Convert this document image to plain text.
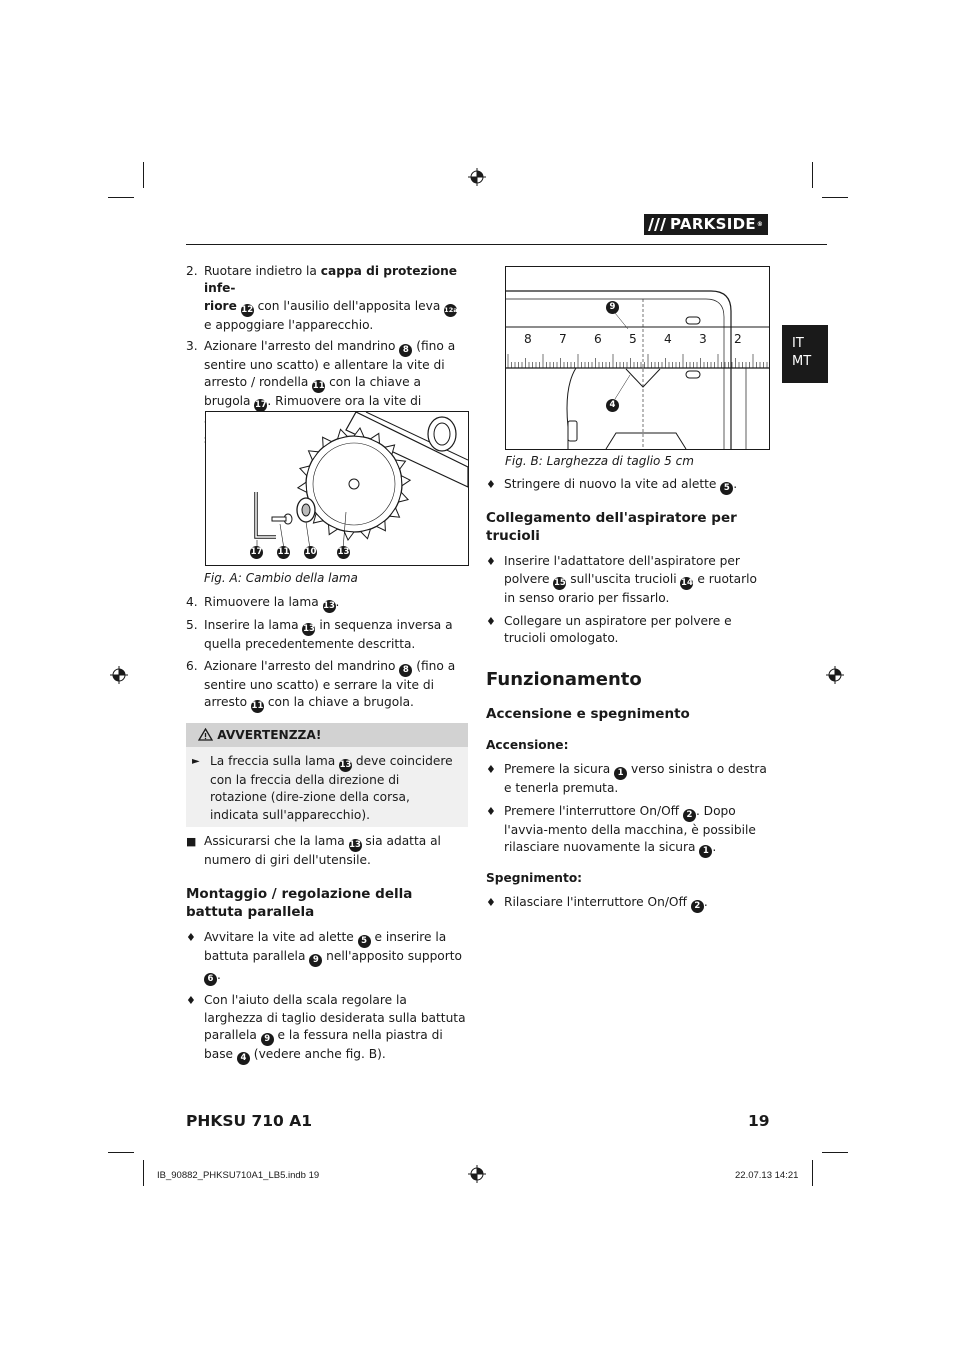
PARKSIDE ®
IT
MT
2. Ruotare indietro la cappa di protezione infe-
riore 12 con l'ausilio dell'apposita leva 12a
e appoggiare l'apparecchio.
3. Azionare l'arresto del mandrino 8 (fino a sentire uno scatto) e allentare la vite di arresto / rondella 11 con la chiave a brugola 17. Rimuovere ora la vite di
17 11 10 13
Fig. A: Cambio della lama
4. Rimuovere la lama 13.
5. Inserire la lama 13 in sequenza inversa a quella precedentemente descritta.
6. Azionare l'arresto del mandrino 8 (fino a sentire uno scatto) e serrare la vite di arresto 11 con la chiave a brugola.
AVVERTENZZA!
► La freccia sulla lama 13 deve coincidere con la freccia della direzione di rotazione (dire-zione della corsa, indicata sull'apparecchio).
■ Assicurarsi che la lama 13 sia adatta al numero di giri dell'utensile.
Montaggio / regolazione della battuta parallela
♦ Avvitare la vite ad alette 5 e inserire la battuta parallela 9 nell'apposito supporto 6 .
♦ Con l'aiuto della scala regolare la larghezza di taglio desiderata sulla battuta parallela 9 e la fessura nella piastra di base 4 (vedere anche fig. B).
8 7 6 5 4 3 2
9
4
Fig. B: Larghezza di taglio 5 cm
♦ Stringere di nuovo la vite ad alette 5 .
Collegamento dell'aspiratore per trucioli
♦ Inserire l'adattatore dell'aspiratore per polvere 15 sull'uscita trucioli 14 e ruotarlo in senso orario per fissarlo.
♦ Collegare un aspiratore per polvere e trucioli omologato.
Funzionamento
Accensione e spegnimento
Accensione:
♦ Premere la sicura 1 verso sinistra o destra e tenerla premuta.
♦ Premere l'interruttore On/Off 2 . Dopo l'avvia-mento della macchina, è possibile rilasciare nuovamente la sicura 1 .
Spegnimento:
♦ Rilasciare l'interruttore On/Off 2 .
PHKSU 710 A1	19
IB_90882_PHKSU710A1_LB5.indb 19	22.07.13 14:21
